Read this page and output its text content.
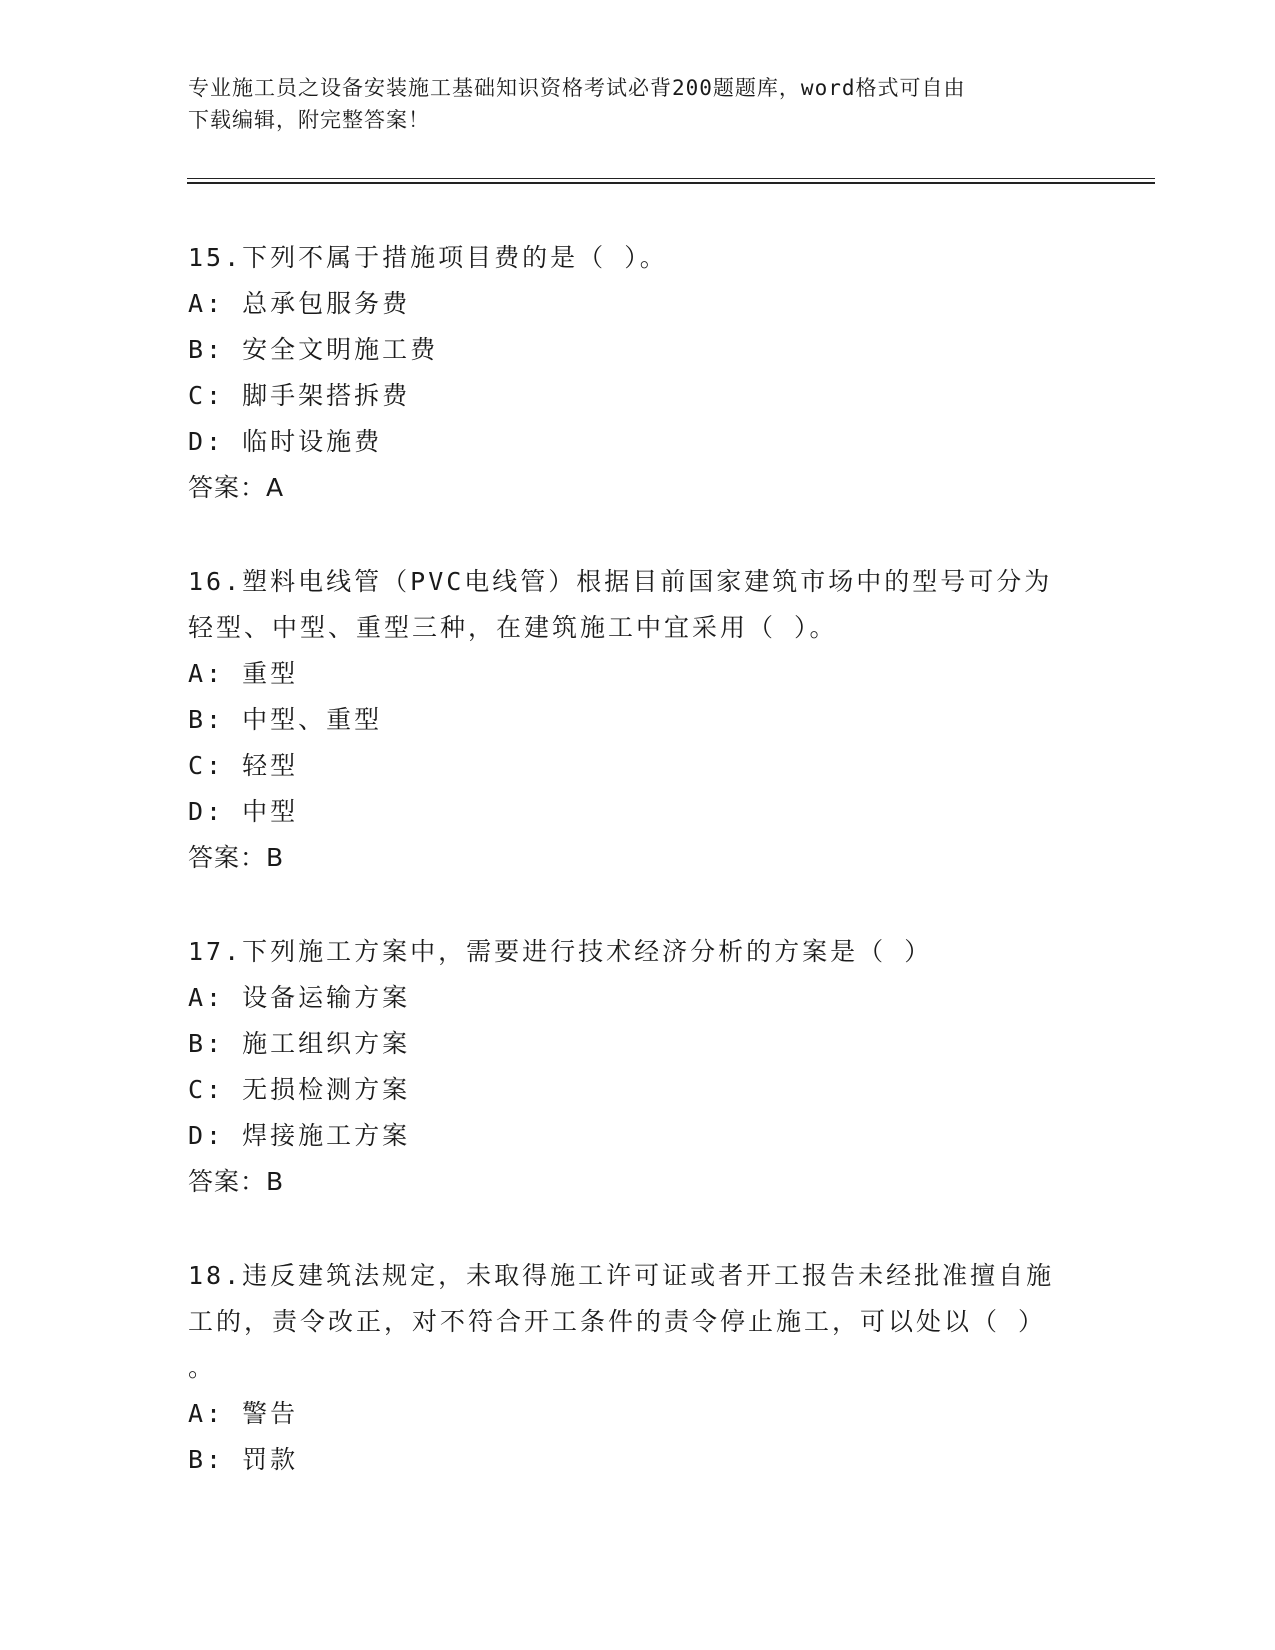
专业施工员之设备安装施工基础知识资格考试必背200题题库，word格式可自由
下载编辑，附完整答案！
15.下列不属于措施项目费的是（ ）。
A: 总承包服务费
B: 安全文明施工费
C: 脚手架搭拆费
D: 临时设施费
答案：A
16.塑料电线管（PVC电线管）根据目前国家建筑市场中的型号可分为
轻型、中型、重型三种，在建筑施工中宜采用（ ）。
A: 重型
B: 中型、重型
C: 轻型
D: 中型
答案：B
17.下列施工方案中，需要进行技术经济分析的方案是（ ）
A: 设备运输方案
B: 施工组织方案
C: 无损检测方案
D: 焊接施工方案
答案：B
18.违反建筑法规定，未取得施工许可证或者开工报告未经批准擅自施
工的，责令改正，对不符合开工条件的责令停止施工，可以处以（ ）
。
A: 警告
B: 罚款
